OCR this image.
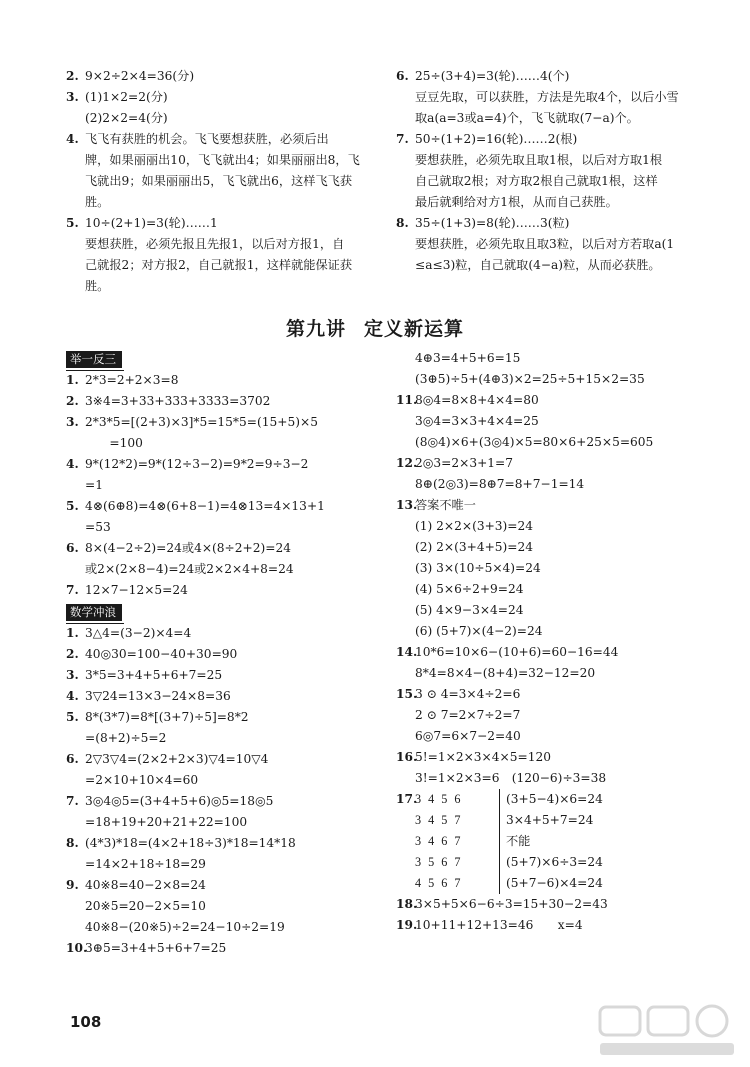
2. 9×2÷2×4=36(分)
3. (1)1×2=2(分)
(2)2×2=4(分)
4. 飞飞有获胜的机会。飞飞要想获胜，必须后出
牌，如果丽丽出10，飞飞就出4；如果丽丽出8，飞
飞就出9；如果丽丽出5，飞飞就出6，这样飞飞获
胜。
5. 10÷(2+1)=3(轮)……1
要想获胜，必须先报且先报1，以后对方报1，自
己就报2；对方报2，自己就报1，这样就能保证获
胜。
6. 25÷(3+4)=3(轮)……4(个)
豆豆先取，可以获胜，方法是先取4个，以后小雪
取a(a=3或a=4)个，飞飞就取(7−a)个。
7. 50÷(1+2)=16(轮)……2(根)
要想获胜，必须先取且取1根，以后对方取1根
自己就取2根；对方取2根自己就取1根，这样
最后就剩给对方1根，从而自己获胜。
8. 35÷(1+3)=8(轮)……3(粒)
要想获胜，必须先取且取3粒，以后对方若取a(1
≤a≤3)粒，自己就取(4−a)粒，从而必获胜。
第九讲 定义新运算
举一反三
1. 2*3=2+2×3=8
2. 3※4=3+33+333+3333=3702
3. 2*3*5=[(2+3)×3]*5=15*5=(15+5)×5
　　=100
4. 9*(12*2)=9*(12÷3−2)=9*2=9÷3−2
=1
5. 4⊗(6⊕8)=4⊗(6+8−1)=4⊗13=4×13+1
=53
6. 8×(4−2÷2)=24或4×(8÷2+2)=24
或2×(2×8−4)=24或2×2×4+8=24
7. 12×7−12×5=24
数学冲浪
1. 3△4=(3−2)×4=4
2. 40◎30=100−40+30=90
3. 3*5=3+4+5+6+7=25
4. 3▽24=13×3−24×8=36
5. 8*(3*7)=8*[(3+7)÷5]=8*2
=(8+2)÷5=2
6. 2▽3▽4=(2×2+2×3)▽4=10▽4
=2×10+10×4=60
7. 3◎4◎5=(3+4+5+6)◎5=18◎5
=18+19+20+21+22=100
8. (4*3)*18=(4×2+18÷3)*18=14*18
=14×2+18÷18=29
9. 40※8=40−2×8=24
20※5=20−2×5=10
40※8−(20※5)÷2=24−10÷2=19
10.3⊕5=3+4+5+6+7=25
4⊕3=4+5+6=15
(3⊕5)÷5+(4⊕3)×2=25÷5+15×2=35
11.8◎4=8×8+4×4=80
3◎4=3×3+4×4=25
(8◎4)×6+(3◎4)×5=80×6+25×5=605
12.2◎3=2×3+1=7
8⊕(2◎3)=8⊕7=8+7−1=14
13.答案不唯一
(1) 2×2×(3+3)=24
(2) 2×(3+4+5)=24
(3) 3×(10÷5×4)=24
(4) 5×6÷2+9=24
(5) 4×9−3×4=24
(6) (5+7)×(4−2)=24
14.10*6=10×6−(10+6)=60−16=44
8*4=8×4−(8+4)=32−12=20
15.3 ⊙ 4=3×4÷2=6
2 ⊙ 7=2×7÷2=7
6◎7=6×7−2=40
16.5!=1×2×3×4×5=120
3!=1×2×3=6　(120−6)÷3=38
17.3 4 5 6	(3+5−4)×6=24
3 4 5 7	3×4+5+7=24
3 4 6 7	不能
3 5 6 7	(5+7)×6÷3=24
4 5 6 7	(5+7−6)×4=24
18.3×5+5×6−6÷3=15+30−2=43
19.10+11+12+13=46　　x=4
108
